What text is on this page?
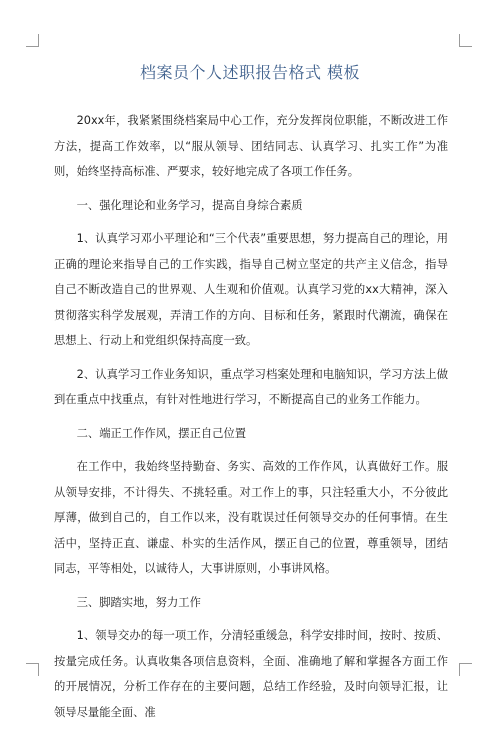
档案员个人述职报告格式 模板

20xx年，我紧紧围绕档案局中心工作，充分发挥岗位职能，不断改进工作方法，提高工作效率，以“服从领导、团结同志、认真学习、扎实工作”为准则，始终坚持高标准、严要求，较好地完成了各项工作任务。

一、强化理论和业务学习，提高自身综合素质

1、认真学习邓小平理论和“三个代表”重要思想，努力提高自己的理论，用正确的理论来指导自己的工作实践，指导自己树立坚定的共产主义信念，指导自己不断改造自己的世界观、人生观和价值观。认真学习党的xx大精神，深入贯彻落实科学发展观，弄清工作的方向、目标和任务，紧跟时代潮流，确保在思想上、行动上和党组织保持高度一致。

2、认真学习工作业务知识，重点学习档案处理和电脑知识，学习方法上做到在重点中找重点，有针对性地进行学习，不断提高自己的业务工作能力。

二、端正工作作风，摆正自己位置

在工作中，我始终坚持勤奋、务实、高效的工作作风，认真做好工作。服从领导安排，不计得失、不挑轻重。对工作上的事，只注轻重大小，不分彼此厚薄，做到自己的，自工作以来，没有耽误过任何领导交办的任何事情。在生活中，坚持正直、谦虚、朴实的生活作风，摆正自己的位置，尊重领导，团结同志，平等相处，以诚待人，大事讲原则，小事讲风格。

三、脚踏实地，努力工作

1、领导交办的每一项工作，分清轻重缓急，科学安排时间，按时、按质、按量完成任务。认真收集各项信息资料，全面、准确地了解和掌握各方面工作的开展情况，分析工作存在的主要问题，总结工作经验，及时向领导汇报，让领导尽量能全面、准
